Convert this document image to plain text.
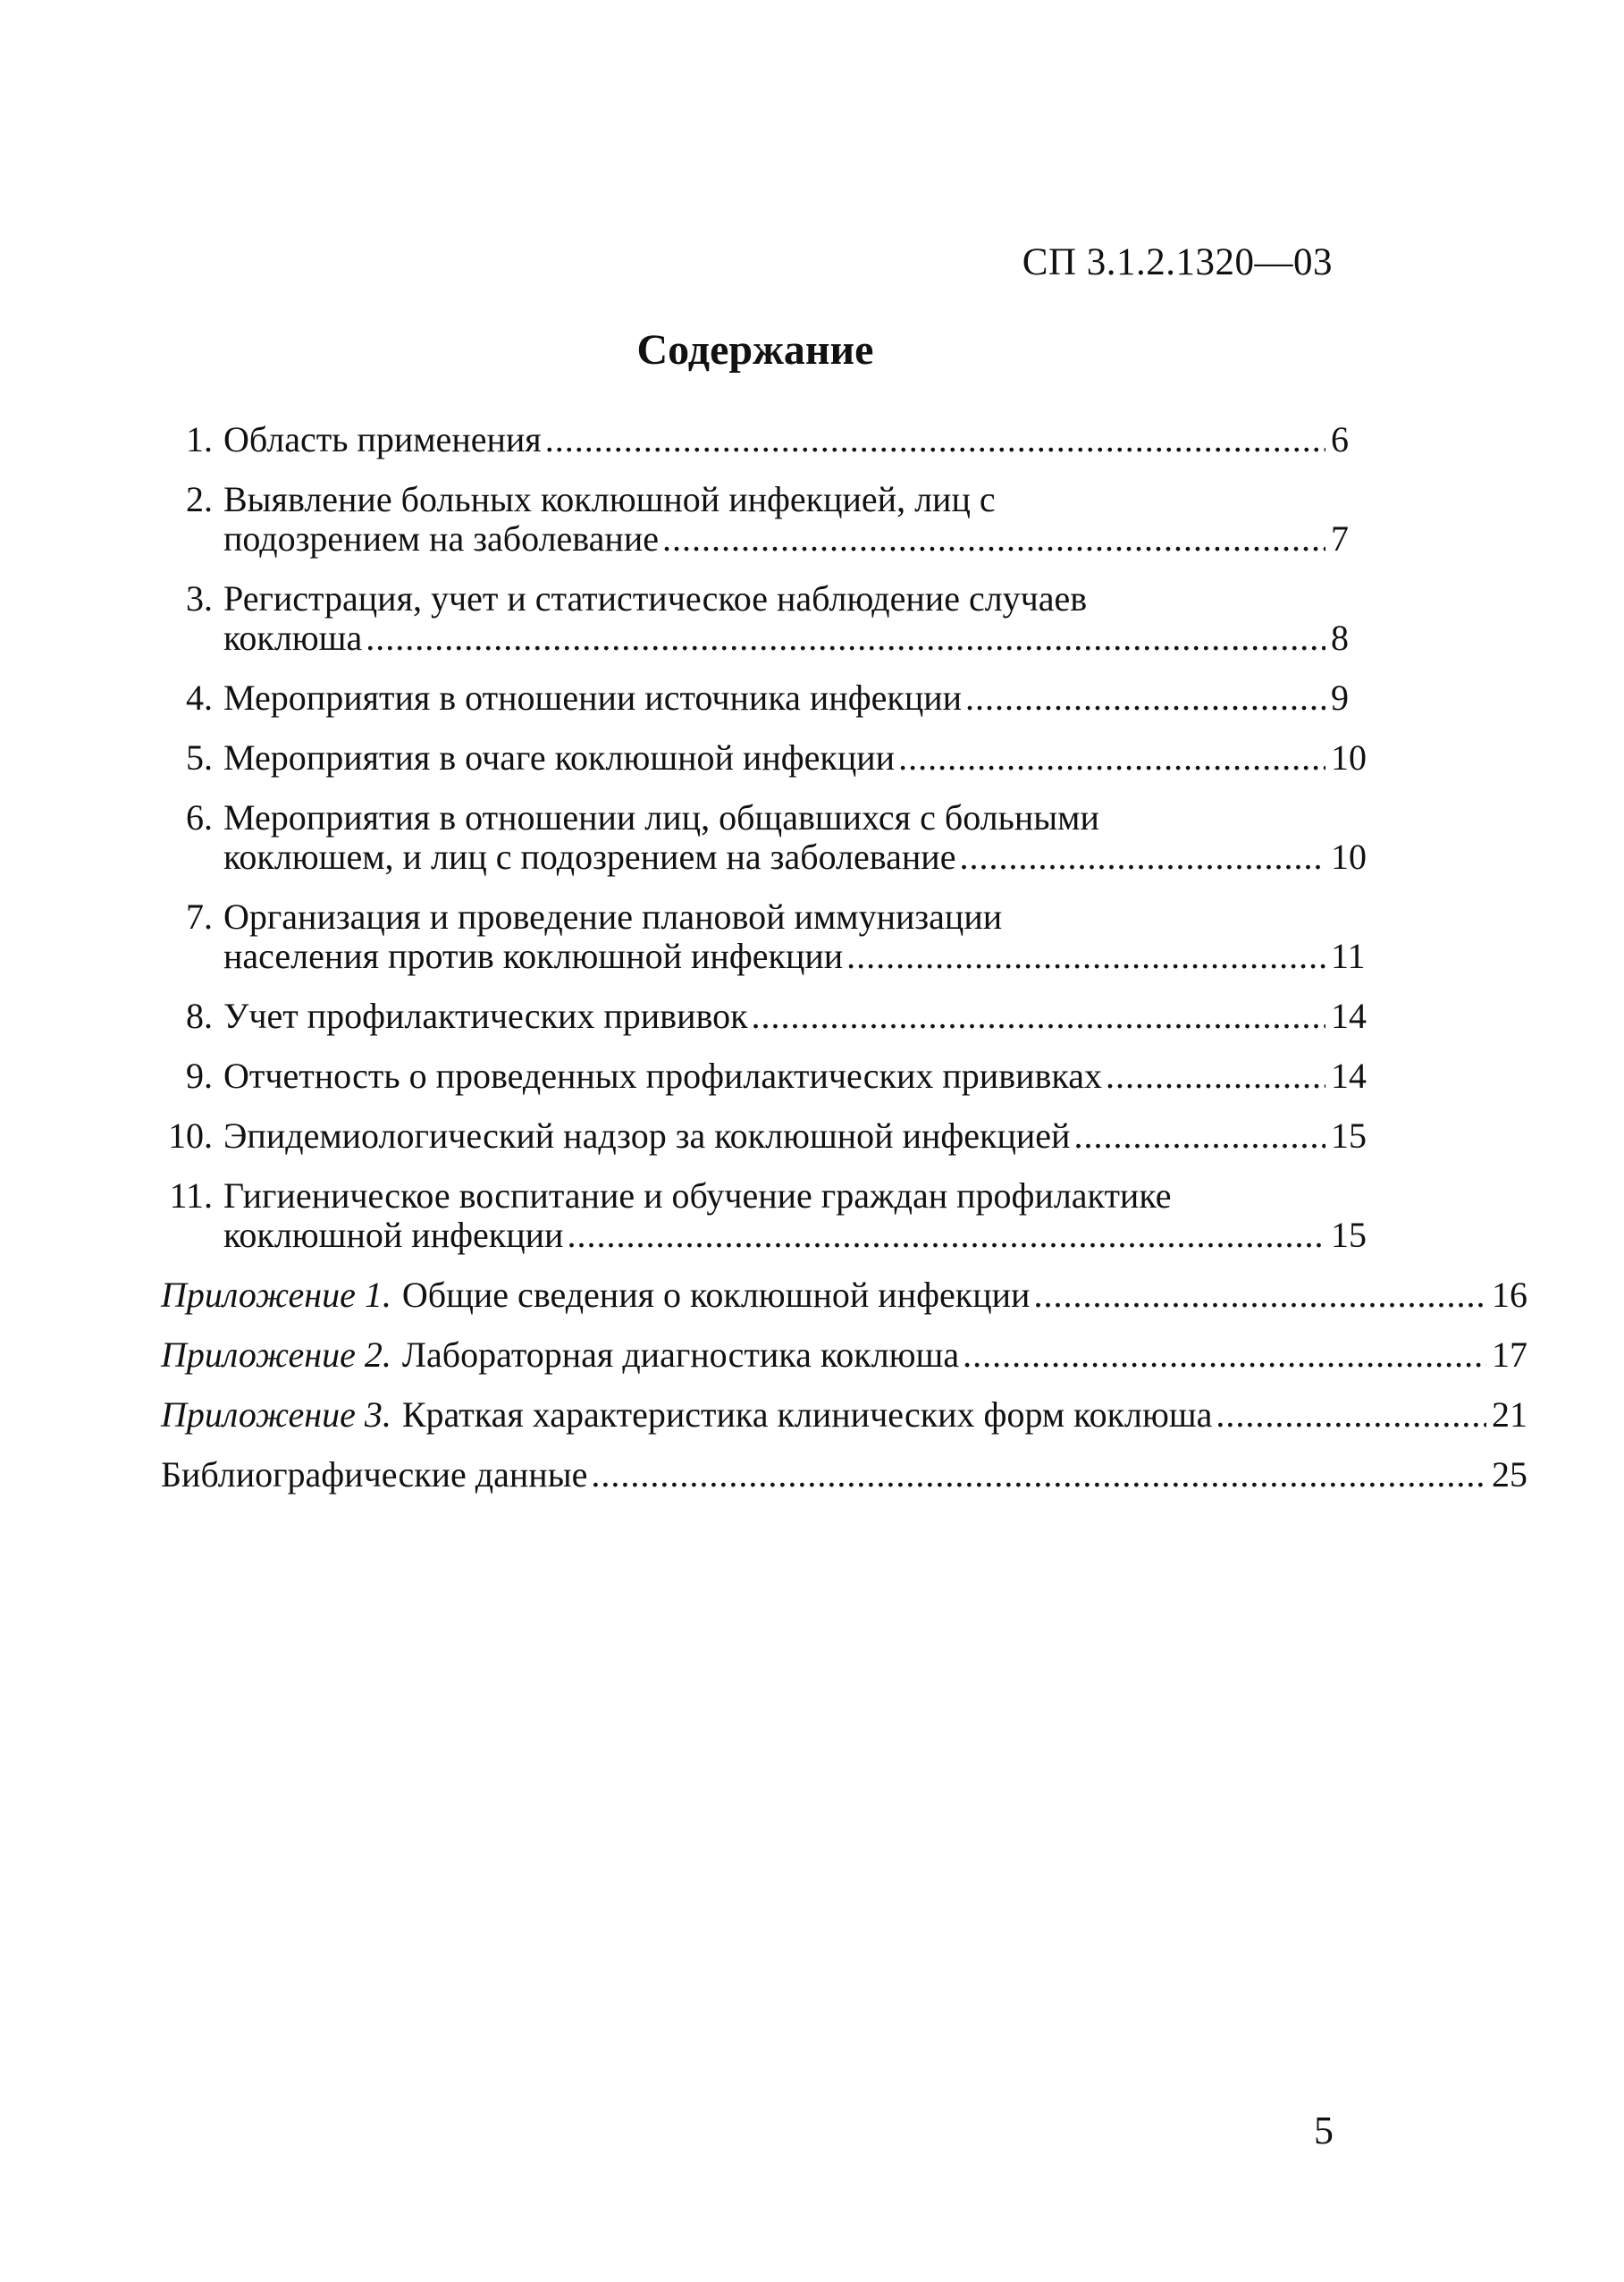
СП 3.1.2.1320—03
Содержание
1. Область применения .....	6
2. Выявление больных коклюшной инфекцией, лиц с
подозрением на заболевание .....	7
3. Регистрация, учет и статистическое наблюдение случаев
коклюша .....	8
4. Мероприятия в отношении источника инфекции .....	9
5. Мероприятия в очаге коклюшной инфекции .....	10
6. Мероприятия в отношении лиц, общавшихся с больными
коклюшем, и лиц с подозрением на заболевание .....	10
7. Организация и проведение плановой иммунизации
населения против коклюшной инфекции .....	11
8. Учет профилактических прививок .....	14
9. Отчетность о проведенных профилактических прививках .....	14
10. Эпидемиологический надзор за коклюшной инфекцией .....	15
11. Гигиеническое воспитание и обучение граждан профилактике
коклюшной инфекции .....	15
Приложение 1. Общие сведения о коклюшной инфекции .....	16
Приложение 2. Лабораторная диагностика коклюша .....	17
Приложение 3. Краткая характеристика клинических форм коклюша .....	21
Библиографические данные .....	25
5
